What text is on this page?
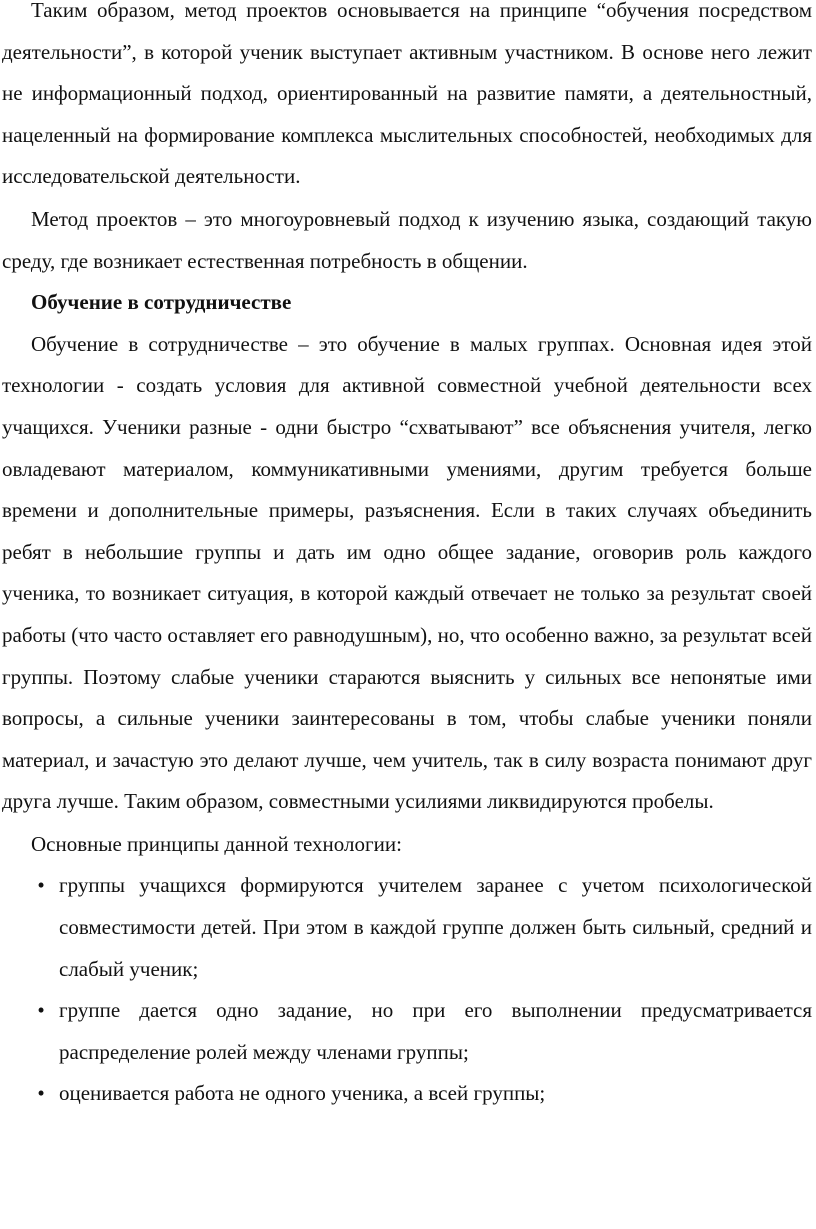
Таким образом, метод проектов основывается на принципе “обучения посредством деятельности”, в которой ученик выступает активным участником. В основе него лежит не информационный подход, ориентированный на развитие памяти, а деятельностный, нацеленный на формирование комплекса мыслительных способностей, необходимых для исследовательской деятельности.

Метод проектов – это многоуровневый подход к изучению языка, создающий такую среду, где возникает естественная потребность в общении.

Обучение в сотрудничестве

Обучение в сотрудничестве – это обучение в малых группах. Основная идея этой технологии - создать условия для активной совместной учебной деятельности всех учащихся. Ученики разные - одни быстро “схватывают” все объяснения учителя, легко овладевают материалом, коммуникативными умениями, другим требуется больше времени и дополнительные примеры, разъяснения. Если в таких случаях объединить ребят в небольшие группы и дать им одно общее задание, оговорив роль каждого ученика, то возникает ситуация, в которой каждый отвечает не только за результат своей работы (что часто оставляет его равнодушным), но, что особенно важно, за результат всей группы. Поэтому слабые ученики стараются выяснить у сильных все непонятые ими вопросы, а сильные ученики заинтересованы в том, чтобы слабые ученики поняли материал, и зачастую это делают лучше, чем учитель, так в силу возраста понимают друг друга лучше. Таким образом, совместными усилиями ликвидируются пробелы.

Основные принципы данной технологии:

• группы учащихся формируются учителем заранее с учетом психологической совместимости детей. При этом в каждой группе должен быть сильный, средний и слабый ученик;
• группе дается одно задание, но при его выполнении предусматривается распределение ролей между членами группы;
• оценивается работа не одного ученика, а всей группы;
